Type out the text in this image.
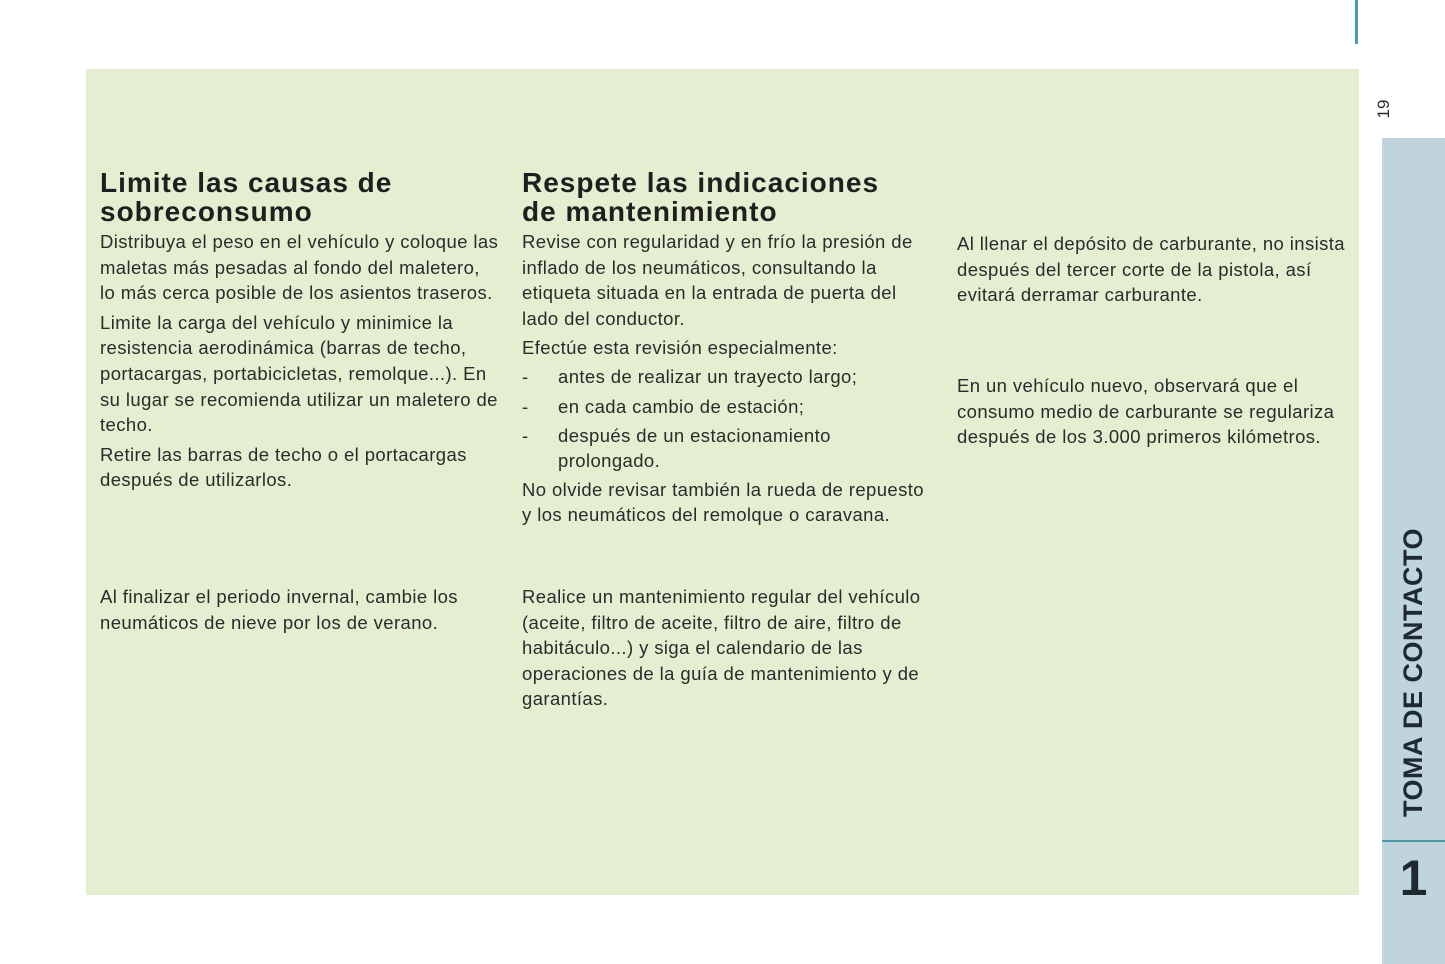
19
TOMA DE CONTACTO
1
Limite las causas de
sobreconsumo

Distribuya el peso en el vehículo y coloque las maletas más pesadas al fondo del maletero, lo más cerca posible de los asientos traseros.

Limite la carga del vehículo y minimice la resistencia aerodinámica (barras de techo, portacargas, portabicicletas, remolque...). En su lugar se recomienda utilizar un maletero de techo.

Retire las barras de techo o el portacargas después de utilizarlos.

Al finalizar el periodo invernal, cambie los neumáticos de nieve por los de verano.

Respete las indicaciones
de mantenimiento

Revise con regularidad y en frío la presión de inflado de los neumáticos, consultando la etiqueta situada en la entrada de puerta del lado del conductor.

Efectúe esta revisión especialmente:

- antes de realizar un trayecto largo;

- en cada cambio de estación;

- después de un estacionamiento prolongado.

No olvide revisar también la rueda de repuesto y los neumáticos del remolque o caravana.

Realice un mantenimiento regular del vehículo (aceite, filtro de aceite, filtro de aire, filtro de habitáculo...) y siga el calendario de las operaciones de la guía de mantenimiento y de garantías.

Al llenar el depósito de carburante, no insista después del tercer corte de la pistola, así evitará derramar carburante.

En un vehículo nuevo, observará que el consumo medio de carburante se regulariza después de los 3.000 primeros kilómetros.
